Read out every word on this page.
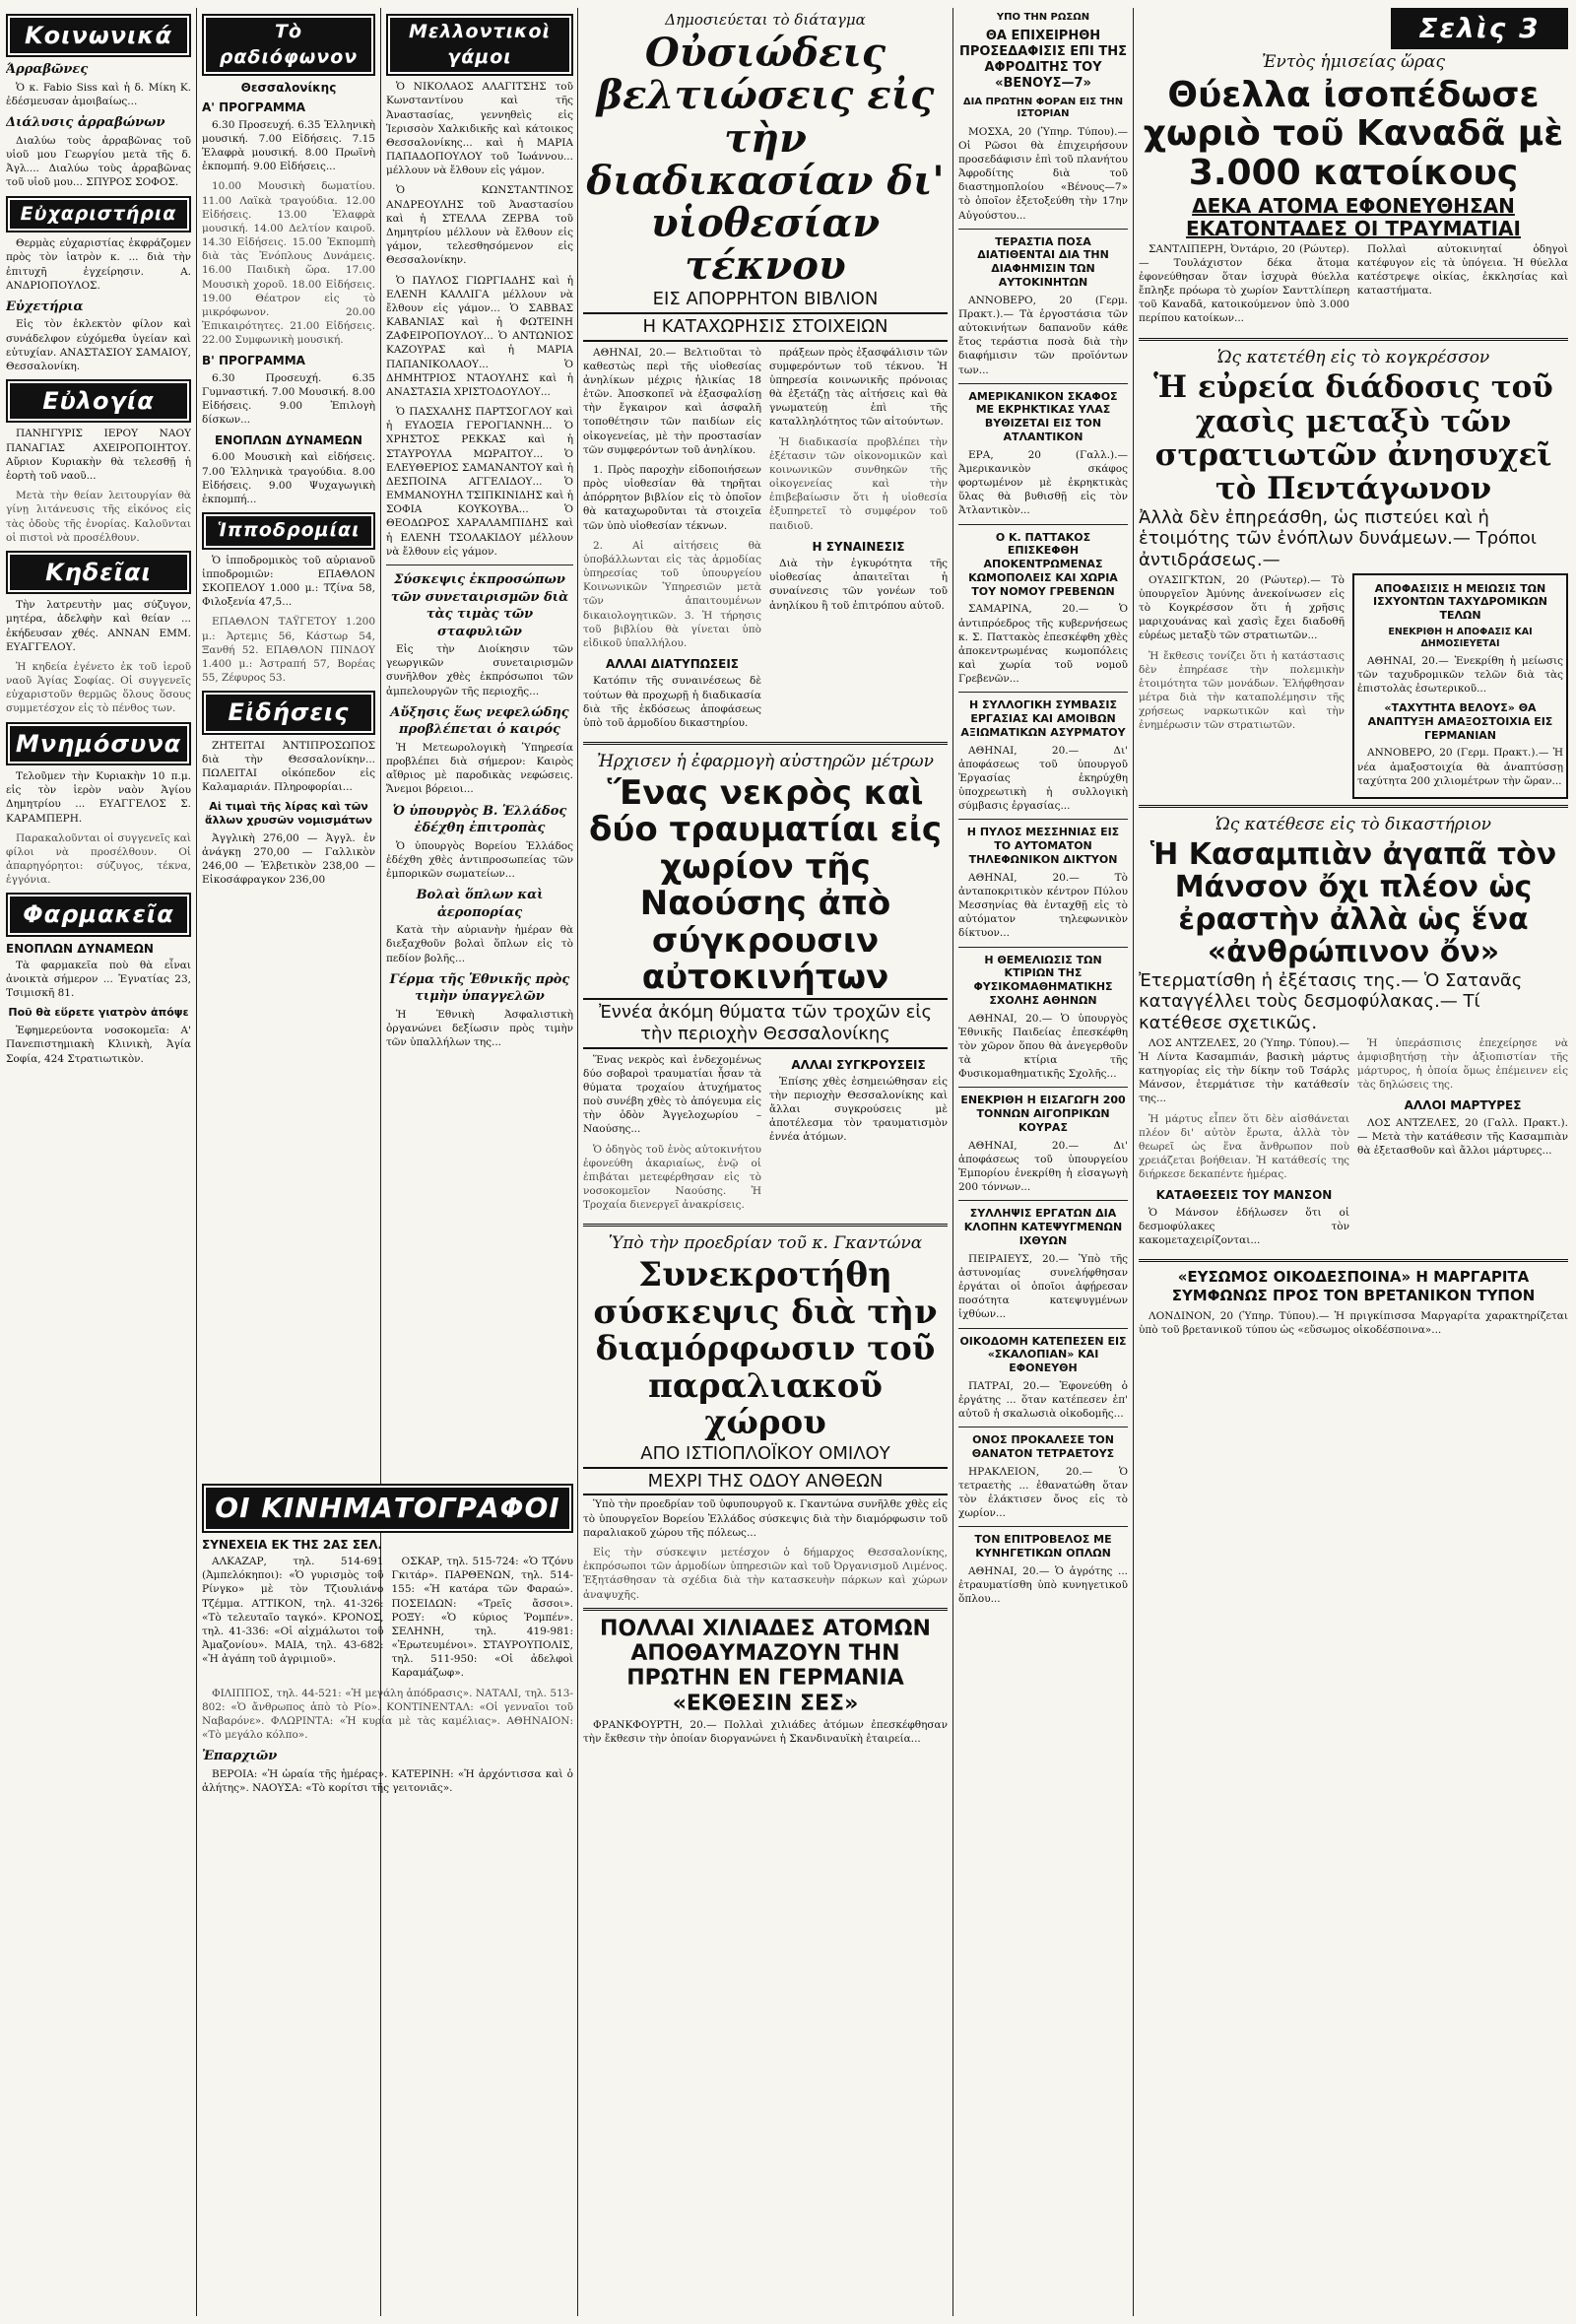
Κοινωνικά
Άρραβῶνες

Ὁ κ. Fabio Siss καὶ ἡ δ. Μίκη Κ. ἐδέσμευσαν ἀμοιβαίως...

Διάλυσις ἀρραβώνων

Διαλύω τοὺς ἀρραβῶνας τοῦ υἱοῦ μου Γεωργίου μετὰ τῆς δ. Ἀγλ.... Διαλύω τοὺς ἀρραβῶνας τοῦ υἱοῦ μου... ΣΠΥΡΟΣ ΣΟΦΟΣ.

Εὐχαριστήρια

Θερμὰς εὐχαριστίας ἐκφράζομεν πρὸς τὸν ἰατρὸν κ. ... διὰ τὴν ἐπιτυχῆ ἐγχείρησιν. Α. ΑΝΔΡΙΟΠΟΥΛΟΣ.

Εὐχετήρια

Εἰς τὸν ἐκλεκτὸν φίλον καὶ συνάδελφον εὐχόμεθα ὑγείαν καὶ εὐτυχίαν. ΑΝΑΣΤΑΣΙΟΥ ΣΑΜΑΙΟΥ, Θεσσαλονίκη.

Εὐλογία

ΠΑΝΗΓΥΡΙΣ ΙΕΡΟΥ ΝΑΟΥ ΠΑΝΑΓΙΑΣ ΑΧΕΙΡΟΠΟΙΗΤΟΥ. Αὔριον Κυριακὴν θὰ τελεσθῇ ἡ ἑορτὴ τοῦ ναοῦ...

Μετὰ τὴν θείαν λειτουργίαν θὰ γίνῃ λιτάνευσις τῆς εἰκόνος εἰς τὰς ὁδοὺς τῆς ἐνορίας. Καλοῦνται οἱ πιστοὶ νὰ προσέλθουν.

Κηδεῖαι

Τὴν λατρευτὴν μας σύζυγον, μητέρα, ἀδελφὴν καὶ θείαν ... ἐκήδευσαν χθές. ΑΝΝΑΝ ΕΜΜ. ΕΥΑΓΓΕΛΟΥ.

Ἡ κηδεία ἐγένετο ἐκ τοῦ ἱεροῦ ναοῦ Ἁγίας Σοφίας. Οἱ συγγενεῖς εὐχαριστοῦν θερμῶς ὅλους ὅσους συμμετέσχον εἰς τὸ πένθος των.

Μνημόσυνα

Τελοῦμεν τὴν Κυριακὴν 10 π.μ. εἰς τὸν ἱερὸν ναὸν Ἁγίου Δημητρίου ... ΕΥΑΓΓΕΛΟΣ Σ. ΚΑΡΑΜΠΕΡΗ.

Παρακαλοῦνται οἱ συγγενεῖς καὶ φίλοι νὰ προσέλθουν. Οἱ ἀπαρηγόρητοι: σύζυγος, τέκνα, ἐγγόνια.

Φαρμακεῖα
ΕΝΟΠΛΩΝ ΔΥΝΑΜΕΩΝ

Τὰ φαρμακεῖα ποὺ θὰ εἶναι ἀνοικτὰ σήμερον ... Ἐγνατίας 23, Τσιμισκῆ 81.

Ποῦ θὰ εὕρετε γιατρὸν ἀπόψε

Ἐφημερεύοντα νοσοκομεῖα: Α' Πανεπιστημιακὴ Κλινικὴ, Ἀγία Σοφία, 424 Στρατιωτικὸν.

Τὸ ραδιόφωνον
Θεσσαλονίκης
Α' ΠΡΟΓΡΑΜΜΑ

6.30 Προσευχή. 6.35 Ἑλληνικὴ μουσική. 7.00 Εἰδήσεις. 7.15 Ἐλαφρὰ μουσική. 8.00 Πρωϊνὴ ἐκπομπή. 9.00 Εἰδήσεις...

10.00 Μουσικὴ δωματίου. 11.00 Λαϊκὰ τραγούδια. 12.00 Εἰδήσεις. 13.00 Ἐλαφρὰ μουσική. 14.00 Δελτίον καιροῦ. 14.30 Εἰδήσεις. 15.00 Ἐκπομπὴ διὰ τὰς Ἐνόπλους Δυνάμεις. 16.00 Παιδικὴ ὥρα. 17.00 Μουσικὴ χοροῦ. 18.00 Εἰδήσεις. 19.00 Θέατρον εἰς τὸ μικρόφωνον. 20.00 Ἐπικαιρότητες. 21.00 Εἰδήσεις. 22.00 Συμφωνικὴ μουσική.

Β' ΠΡΟΓΡΑΜΜΑ

6.30 Προσευχή. 6.35 Γυμναστική. 7.00 Μουσική. 8.00 Εἰδήσεις. 9.00 Ἐπιλογὴ δίσκων...

ΕΝΟΠΛΩΝ ΔΥΝΑΜΕΩΝ

6.00 Μουσικὴ καὶ εἰδήσεις. 7.00 Ἑλληνικὰ τραγούδια. 8.00 Εἰδήσεις. 9.00 Ψυχαγωγικὴ ἐκπομπή...

Ἱπποδρομίαι

Ὁ ἱπποδρομικὸς τοῦ αὐριανοῦ ἱπποδρομιῶν: ΕΠΑΘΛΟΝ ΣΚΟΠΕΛΟΥ 1.000 μ.: Τζίνα 58, Φιλοξενία 47,5...

ΕΠΑΘΛΟΝ ΤΑΫΓΕΤΟΥ 1.200 μ.: Ἀρτεμις 56, Κάστωρ 54, Ξανθή 52. ΕΠΑΘΛΟΝ ΠΙΝΔΟΥ 1.400 μ.: Ἀστραπή 57, Βορέας 55, Ζέφυρος 53.

Εἰδήσεις

ΖΗΤΕΙΤΑΙ ἈΝΤΙΠΡΟΣΩΠΟΣ διὰ τὴν Θεσσαλονίκην... ΠΩΛΕΙΤΑΙ οἰκόπεδον εἰς Καλαμαριάν. Πληροφορίαι...

Αἱ τιμαὶ τῆς λίρας καὶ τῶν ἄλλων χρυσῶν νομισμάτων

Ἀγγλικὴ 276,00 — Ἀγγλ. ἐν ἀνάγκῃ 270,00 — Γαλλικὸν 246,00 — Ἑλβετικὸν 238,00 — Εἰκοσάφραγκον 236,00

Μελλοντικοὶ γάμοι

Ὁ ΝΙΚΟΛΑΟΣ ΑΛΑΓΙΤΣΗΣ τοῦ Κωνσταντίνου καὶ τῆς Ἀναστασίας, γεννηθεὶς εἰς Ἱερισσὸν Χαλκιδικῆς καὶ κάτοικος Θεσσαλονίκης... καὶ ἡ ΜΑΡΙΑ ΠΑΠΑΔΟΠΟΥΛΟΥ τοῦ Ἰωάννου... μέλλουν νὰ ἔλθουν εἰς γάμον.

Ὁ ΚΩΝΣΤΑΝΤΙΝΟΣ ΑΝΔΡΕΟΥΛΗΣ τοῦ Ἀναστασίου καὶ ἡ ΣΤΕΛΛΑ ΖΕΡΒΑ τοῦ Δημητρίου μέλλουν νὰ ἔλθουν εἰς γάμον, τελεσθησόμενον εἰς Θεσσαλονίκην.

Ὁ ΠΑΥΛΟΣ ΓΙΩΡΓΙΑΔΗΣ καὶ ἡ ΕΛΕΝΗ ΚΑΛΛΙΓΑ μέλλουν νὰ ἔλθουν εἰς γάμον... Ὁ ΣΑΒΒΑΣ ΚΑΒΑΝΙΑΣ καὶ ἡ ΦΩΤΕΙΝΗ ΖΑΦΕΙΡΟΠΟΥΛΟΥ... Ὁ ΑΝΤΩΝΙΟΣ ΚΑΖΟΥΡΑΣ καὶ ἡ ΜΑΡΙΑ ΠΑΠΑΝΙΚΟΛΑΟΥ... Ὁ ΔΗΜΗΤΡΙΟΣ ΝΤΑΟΥΛΗΣ καὶ ἡ ΑΝΑΣΤΑΣΙΑ ΧΡΙΣΤΟΔΟΥΛΟΥ...

Ὁ ΠΑΣΧΑΛΗΣ ΠΑΡΤΣΟΓΛΟΥ καὶ ἡ ΕΥΔΟΞΙΑ ΓΕΡΟΓΙΑΝΝΗ... Ὁ ΧΡΗΣΤΟΣ ΡΕΚΚΑΣ καὶ ἡ ΣΤΑΥΡΟΥΛΑ ΜΩΡΑΙΤΟΥ... Ὁ ΕΛΕΥΘΕΡΙΟΣ ΣΑΜΑΝΑΝΤΟΥ καὶ ἡ ΔΕΣΠΟΙΝΑ ΑΓΓΕΛΙΔΟΥ... Ὁ ΕΜΜΑΝΟΥΗΛ ΤΣΙΠΚΙΝΙΔΗΣ καὶ ἡ ΣΟΦΙΑ ΚΟΥΚΟΥΒΑ... Ὁ ΘΕΟΔΩΡΟΣ ΧΑΡΑΛΑΜΠΙΔΗΣ καὶ ἡ ΕΛΕΝΗ ΤΣΟΛΑΚΙΔΟΥ μέλλουν νὰ ἔλθουν εἰς γάμον.

Σύσκεψις ἐκπροσώπων τῶν συνεταιρισμῶν διὰ τὰς τιμὰς τῶν σταφυλιῶν

Εἰς τὴν Διοίκησιν τῶν γεωργικῶν συνεταιρισμῶν συνῆλθον χθὲς ἐκπρόσωποι τῶν ἀμπελουργῶν τῆς περιοχῆς...

Αὔξησις ἕως νεφελώδης προβλέπεται ὁ καιρός

Ἡ Μετεωρολογικὴ Ὑπηρεσία προβλέπει διὰ σήμερον: Καιρὸς αἴθριος μὲ παροδικὰς νεφώσεις. Ἄνεμοι βόρειοι...

Ὁ ὑπουργὸς Β. Ἑλλάδος ἐδέχθη ἐπιτροπὰς

Ὁ ὑπουργὸς Βορείου Ἑλλάδος ἐδέχθη χθὲς ἀντιπροσωπείας τῶν ἐμπορικῶν σωματείων...

Βολαὶ ὅπλων καὶ ἀεροπορίας

Κατὰ τὴν αὐριανὴν ἡμέραν θὰ διεξαχθοῦν βολαὶ ὅπλων εἰς τὸ πεδίον βολῆς...

Γέρμα τῆς Ἑθνικῆς πρὸς τιμὴν ὑπαγγελῶν

Ἡ Ἐθνικὴ Ἀσφαλιστικὴ ὀργανώνει δεξίωσιν πρὸς τιμὴν τῶν ὑπαλλήλων της...

ΟΙ ΚΙΝΗΜΑΤΟΓΡΑΦΟΙ
ΣΥΝΕΧΕΙΑ ΕΚ ΤΗΣ 2ΑΣ ΣΕΛ.

ΑΛΚΑΖΑΡ, τηλ. 514-691 (Ἀμπελόκηποι): «Ὁ γυρισμὸς τοῦ Ρίνγκο» μὲ τὸν Τζιουλιάνο Τζέμμα. ΑΤΤΙΚΟΝ, τηλ. 41-326: «Τὸ τελευταῖο ταγκό». ΚΡΟΝΟΣ, τηλ. 41-336: «Οἱ αἰχμάλωτοι τοῦ Ἀμαζονίου». ΜΑΙΑ, τηλ. 43-682: «Ἡ ἀγάπη τοῦ ἀγριμιοῦ».

ΟΣΚΑΡ, τηλ. 515-724: «Ὁ Τζόνυ Γκιτάρ». ΠΑΡΘΕΝΩΝ, τηλ. 514-155: «Ἡ κατάρα τῶν Φαραώ». ΠΟΣΕΙΔΩΝ: «Τρεῖς ἄσσοι». ΡΟΞΥ: «Ὁ κύριος Ῥομπέν». ΣΕΛΗΝΗ, τηλ. 419-981: «Ἐρωτευμένοι». ΣΤΑΥΡΟΥΠΟΛΙΣ, τηλ. 511-950: «Οἱ ἀδελφοὶ Καραμάζωφ».

ΦΙΛΙΠΠΟΣ, τηλ. 44-521: «Ἡ μεγάλη ἀπόδρασις». ΝΑΤΑΛΙ, τηλ. 513-802: «Ὁ ἄνθρωπος ἀπὸ τὸ Ρίο». ΚΟΝΤΙΝΕΝΤΑΛ: «Οἱ γενναῖοι τοῦ Ναβαρόνε». ΦΛΩΡΙΝΤΑ: «Ἡ κυρία μὲ τὰς καμέλιας». ΑΘΗΝΑΙΟΝ: «Τὸ μεγάλο κόλπο».

Ἐπαρχιῶν

ΒΕΡΟΙΑ: «Ἡ ὡραία τῆς ἡμέρας». ΚΑΤΕΡΙΝΗ: «Ἡ ἀρχόντισσα καὶ ὁ ἀλήτης». ΝΑΟΥΣΑ: «Τὸ κορίτσι τῆς γειτονιᾶς».

Δημοσιεύεται τὸ διάταγμα
Οὐσιώδεις βελτιώσεις εἰς τὴν διαδικασίαν δι' υἱοθεσίαν τέκνου
ΕΙΣ ΑΠΟΡΡΗΤΟΝ ΒΙΒΛΙΟΝ
Η ΚΑΤΑΧΩΡΗΣΙΣ ΣΤΟΙΧΕΙΩΝ

ΑΘΗΝΑΙ, 20.— Βελτιοῦται τὸ καθεστὼς περὶ τῆς υἱοθεσίας ἀνηλίκων μέχρις ἡλικίας 18 ἐτῶν. Ἀποσκοπεῖ νὰ ἐξασφαλίσῃ τὴν ἔγκαιρον καὶ ἀσφαλῆ τοποθέτησιν τῶν παιδίων εἰς οἰκογενείας, μὲ τὴν προστασίαν τῶν συμφερόντων τοῦ ἀνηλίκου.

1. Πρὸς παροχὴν εἰδοποιήσεων πρὸς υἱοθεσίαν θὰ τηρῆται ἀπόρρητον βιβλίον εἰς τὸ ὁποῖον θὰ καταχωροῦνται τὰ στοιχεῖα τῶν ὑπὸ υἱοθεσίαν τέκνων.

2. Αἱ αἰτήσεις θὰ ὑποβάλλωνται εἰς τὰς ἁρμοδίας ὑπηρεσίας τοῦ ὑπουργείου Κοινωνικῶν Ὑπηρεσιῶν μετὰ τῶν ἀπαιτουμένων δικαιολογητικῶν. 3. Ἡ τήρησις τοῦ βιβλίου θὰ γίνεται ὑπὸ εἰδικοῦ ὑπαλλήλου.

ΑΛΛΑΙ ΔΙΑΤΥΠΩΣΕΙΣ

Κατόπιν τῆς συναινέσεως δὲ τούτων θὰ προχωρῇ ἡ διαδικασία διὰ τῆς ἐκδόσεως ἀποφάσεως ὑπὸ τοῦ ἁρμοδίου δικαστηρίου.

πράξεων πρὸς ἐξασφάλισιν τῶν συμφερόντων τοῦ τέκνου. Ἡ ὑπηρεσία κοινωνικῆς πρόνοιας θὰ ἐξετάζῃ τὰς αἰτήσεις καὶ θὰ γνωματεύῃ ἐπὶ τῆς καταλληλότητος τῶν αἰτούντων.

Ἡ διαδικασία προβλέπει τὴν ἐξέτασιν τῶν οἰκονομικῶν καὶ κοινωνικῶν συνθηκῶν τῆς οἰκογενείας καὶ τὴν ἐπιβεβαίωσιν ὅτι ἡ υἱοθεσία ἐξυπηρετεῖ τὸ συμφέρον τοῦ παιδιοῦ.

Η ΣΥΝΑΙΝΕΣΙΣ

Διὰ τὴν ἐγκυρότητα τῆς υἱοθεσίας ἀπαιτεῖται ἡ συναίνεσις τῶν γονέων τοῦ ἀνηλίκου ἢ τοῦ ἐπιτρόπου αὐτοῦ.

Ἠρχισεν ἡ ἐφαρμογὴ αὐστηρῶν μέτρων
Ἕνας νεκρὸς καὶ δύο τραυματίαι εἰς χωρίον τῆς Ναούσης ἀπὸ σύγκρουσιν αὐτοκινήτων
Ἐννέα ἀκόμη θύματα τῶν τροχῶν εἰς τὴν περιοχὴν Θεσσαλονίκης

Ἕνας νεκρὸς καὶ ἐνδεχομένως δύο σοβαροὶ τραυματίαι ἦσαν τὰ θύματα τροχαίου ἀτυχήματος ποὺ συνέβη χθὲς τὸ ἀπόγευμα εἰς τὴν ὁδὸν Ἀγγελοχωρίου – Ναούσης...

Ὁ ὁδηγὸς τοῦ ἑνὸς αὐτοκινήτου ἐφονεύθη ἀκαριαίως, ἐνῷ οἱ ἐπιβάται μετεφέρθησαν εἰς τὸ νοσοκομεῖον Ναούσης. Ἡ Τροχαία διενεργεῖ ἀνακρίσεις.

ΑΛΛΑΙ ΣΥΓΚΡΟΥΣΕΙΣ

Ἐπίσης χθὲς ἐσημειώθησαν εἰς τὴν περιοχὴν Θεσσαλονίκης καὶ ἄλλαι συγκρούσεις μὲ ἀποτέλεσμα τὸν τραυματισμὸν ἐννέα ἀτόμων.

Ὑπὸ τὴν προεδρίαν τοῦ κ. Γκαντώνα
Συνεκροτήθη σύσκεψις διὰ τὴν διαμόρφωσιν τοῦ παραλιακοῦ χώρου
ΑΠΟ ΙΣΤΙΟΠΛΟΪΚΟΥ ΟΜΙΛΟΥ
ΜΕΧΡΙ ΤΗΣ ΟΔΟΥ ΑΝΘΕΩΝ

Ὑπὸ τὴν προεδρίαν τοῦ ὑφυπουργοῦ κ. Γκαντώνα συνῆλθε χθὲς εἰς τὸ ὑπουργεῖον Βορείου Ἑλλάδος σύσκεψις διὰ τὴν διαμόρφωσιν τοῦ παραλιακοῦ χώρου τῆς πόλεως...

Εἰς τὴν σύσκεψιν μετέσχον ὁ δήμαρχος Θεσσαλονίκης, ἐκπρόσωποι τῶν ἁρμοδίων ὑπηρεσιῶν καὶ τοῦ Ὀργανισμοῦ Λιμένος. Ἐξητάσθησαν τὰ σχέδια διὰ τὴν κατασκευὴν πάρκων καὶ χώρων ἀναψυχῆς.

ΠΟΛΛΑΙ ΧΙΛΙΑΔΕΣ ΑΤΟΜΩΝ ΑΠΟΘΑΥΜΑΖΟΥΝ ΤΗΝ ΠΡΩΤΗΝ ΕΝ ΓΕΡΜΑΝΙΑ «ΕΚΘΕΣΙΝ ΣΕΣ»

ΦΡΑΝΚΦΟΥΡΤΗ, 20.— Πολλαὶ χιλιάδες ἀτόμων ἐπεσκέφθησαν τὴν ἔκθεσιν τὴν ὁποίαν διοργανώνει ἡ Σκανδιναυϊκὴ ἑταιρεία...

ΥΠΟ ΤΗΝ ΡΩΣΩΝ
ΘΑ ΕΠΙΧΕΙΡΗΘΗ ΠΡΟΣΕΔΑΦΙΣΙΣ ΕΠΙ ΤΗΣ ΑΦΡΟΔΙΤΗΣ ΤΟΥ «ΒΕΝΟΥΣ—7»
ΔΙΑ ΠΡΩΤΗΝ ΦΟΡΑΝ ΕΙΣ ΤΗΝ ΙΣΤΟΡΙΑΝ

ΜΟΣΧΑ, 20 (Ὑπηρ. Τύπου).— Οἱ Ρῶσοι θὰ ἐπιχειρήσουν προσεδάφισιν ἐπὶ τοῦ πλανήτου Ἀφροδίτης διὰ τοῦ διαστημοπλοίου «Βένους—7» τὸ ὁποῖον ἐξετοξεύθη τὴν 17ην Αὐγούστου...

ΤΕΡΑΣΤΙΑ ΠΟΣΑ ΔΙΑΤΙΘΕΝΤΑΙ ΔΙΑ ΤΗΝ ΔΙΑΦΗΜΙΣΙΝ ΤΩΝ ΑΥΤΟΚΙΝΗΤΩΝ

ΑΝΝΟΒΕΡΟ, 20 (Γερμ. Πρακτ.).— Τὰ ἐργοστάσια τῶν αὐτοκινήτων δαπανοῦν κάθε ἔτος τεράστια ποσὰ διὰ τὴν διαφήμισιν τῶν προϊόντων των...

ΑΜΕΡΙΚΑΝΙΚΟΝ ΣΚΑΦΟΣ ΜΕ ΕΚΡΗΚΤΙΚΑΣ ΥΛΑΣ ΒΥΘΙΖΕΤΑΙ ΕΙΣ ΤΟΝ ΑΤΛΑΝΤΙΚΟΝ

ΕΡΑ, 20 (Γαλλ.).— Ἀμερικανικὸν σκάφος φορτωμένον μὲ ἐκρηκτικὰς ὕλας θὰ βυθισθῇ εἰς τὸν Ἀτλαντικὸν...

Ο Κ. ΠΑΤΤΑΚΟΣ ΕΠΙΣΚΕΦΘΗ ΑΠΟΚΕΝΤΡΩΜΕΝΑΣ ΚΩΜΟΠΟΛΕΙΣ ΚΑΙ ΧΩΡΙΑ ΤΟΥ ΝΟΜΟΥ ΓΡΕΒΕΝΩΝ

ΣΑΜΑΡΙΝΑ, 20.— Ὁ ἀντιπρόεδρος τῆς κυβερνήσεως κ. Σ. Παττακὸς ἐπεσκέφθη χθὲς ἀποκεντρωμένας κωμοπόλεις καὶ χωρία τοῦ νομοῦ Γρεβενῶν...

Η ΣΥΛΛΟΓΙΚΗ ΣΥΜΒΑΣΙΣ ΕΡΓΑΣΙΑΣ ΚΑΙ ΑΜΟΙΒΩΝ ΑΞΙΩΜΑΤΙΚΩΝ ΑΣΥΡΜΑΤΟΥ

ΑΘΗΝΑΙ, 20.— Δι' ἀποφάσεως τοῦ ὑπουργοῦ Ἐργασίας ἐκηρύχθη ὑποχρεωτικὴ ἡ συλλογικὴ σύμβασις ἐργασίας...

Η ΠΥΛΟΣ ΜΕΣΣΗΝΙΑΣ ΕΙΣ ΤΟ ΑΥΤΟΜΑΤΟΝ ΤΗΛΕΦΩΝΙΚΟΝ ΔΙΚΤΥΟΝ

ΑΘΗΝΑΙ, 20.— Τὸ ἀνταποκριτικὸν κέντρον Πύλου Μεσσηνίας θὰ ἐνταχθῇ εἰς τὸ αὐτόματον τηλεφωνικὸν δίκτυον...

Η ΘΕΜΕΛΙΩΣΙΣ ΤΩΝ ΚΤΙΡΙΩΝ ΤΗΣ ΦΥΣΙΚΟΜΑΘΗΜΑΤΙΚΗΣ ΣΧΟΛΗΣ ΑΘΗΝΩΝ

ΑΘΗΝΑΙ, 20.— Ὁ ὑπουργὸς Ἐθνικῆς Παιδείας ἐπεσκέφθη τὸν χῶρον ὅπου θὰ ἀνεγερθοῦν τὰ κτίρια τῆς Φυσικομαθηματικῆς Σχολῆς...

ΕΝΕΚΡΙΘΗ Η ΕΙΣΑΓΩΓΗ 200 ΤΟΝΝΩΝ ΑΙΓΟΠΡΙΚΩΝ ΚΟΥΡΑΣ

ΑΘΗΝΑΙ, 20.— Δι' ἀποφάσεως τοῦ ὑπουργείου Ἐμπορίου ἐνεκρίθη ἡ εἰσαγωγὴ 200 τόννων...

ΣΥΛΛΗΨΙΣ ΕΡΓΑΤΩΝ ΔΙΑ ΚΛΟΠΗΝ ΚΑΤΕΨΥΓΜΕΝΩΝ ΙΧΘΥΩΝ

ΠΕΙΡΑΙΕΥΣ, 20.— Ὑπὸ τῆς ἀστυνομίας συνελήφθησαν ἐργάται οἱ ὁποῖοι ἀφῄρεσαν ποσότητα κατεψυγμένων ἰχθύων...

ΟΙΚΟΔΟΜΗ ΚΑΤΕΠΕΣΕΝ ΕΙΣ «ΣΚΑΛΟΠΙΑΝ» ΚΑΙ ΕΦΟΝΕΥΘΗ

ΠΑΤΡΑΙ, 20.— Ἐφονεύθη ὁ ἐργάτης ... ὅταν κατέπεσεν ἐπ' αὐτοῦ ἡ σκαλωσιὰ οἰκοδομῆς...

ΟΝΟΣ ΠΡΟΚΑΛΕΣΕ ΤΟΝ ΘΑΝΑΤΟΝ ΤΕΤΡΑΕΤΟΥΣ

ΗΡΑΚΛΕΙΟΝ, 20.— Ὁ τετραετὴς ... ἐθανατώθη ὅταν τὸν ἐλάκτισεν ὄνος εἰς τὸ χωρίον...

ΤΟΝ ΕΠΙΤΡΟΒΕΛΟΣ ΜΕ ΚΥΝΗΓΕΤΙΚΩΝ ΟΠΛΩΝ

ΑΘΗΝΑΙ, 20.— Ὁ ἀγρότης ... ἐτραυματίσθη ὑπὸ κυνηγετικοῦ ὅπλου...

Σελὶς 3
Ἐντὸς ἡμισείας ὥρας
Θύελλα ἰσοπέδωσε χωριὸ τοῦ Καναδᾶ μὲ 3.000 κατοίκους
ΔΕΚΑ ΑΤΟΜΑ ΕΦΟΝΕΥΘΗΣΑΝ ΕΚΑΤΟΝΤΑΔΕΣ ΟΙ ΤΡΑΥΜΑΤΙΑΙ

ΣΑΝΤΛΙΠΕΡΗ, Ὀντάριο, 20 (Ρώυτερ).— Τουλάχιστον δέκα ἄτομα ἐφονεύθησαν ὅταν ἰσχυρὰ θύελλα ἔπληξε πρόωρα τὸ χωρίον Σανττλίπερη τοῦ Καναδᾶ, κατοικούμενον ὑπὸ 3.000 περίπου κατοίκων...

Πολλαὶ αὐτοκινηταί ὁδηγοὶ κατέφυγον εἰς τὰ ὑπόγεια. Ἡ θύελλα κατέστρεψε οἰκίας, ἐκκλησίας καὶ καταστήματα.

Ὡς κατετέθη εἰς τὸ κογκρέσσον
Ἡ εὐρεία διάδοσις τοῦ χασὶς μεταξὺ τῶν στρατιωτῶν ἀνησυχεῖ τὸ Πεντάγωνον
Ἀλλὰ δὲν ἐπηρεάσθη, ὡς πιστεύει καὶ ἡ ἑτοιμότης τῶν ἐνόπλων δυνάμεων.— Τρόποι ἀντιδράσεως.—

ΟΥΑΣΙΓΚΤΩΝ, 20 (Ρώυτερ).— Τὸ ὑπουργεῖον Ἀμύνης ἀνεκοίνωσεν εἰς τὸ Κογκρέσσον ὅτι ἡ χρῆσις μαριχουάνας καὶ χασὶς ἔχει διαδοθῆ εὐρέως μεταξὺ τῶν στρατιωτῶν...

Ἡ ἔκθεσις τονίζει ὅτι ἡ κατάστασις δὲν ἐπηρέασε τὴν πολεμικὴν ἑτοιμότητα τῶν μονάδων. Ἐλήφθησαν μέτρα διὰ τὴν καταπολέμησιν τῆς χρήσεως ναρκωτικῶν καὶ τὴν ἐνημέρωσιν τῶν στρατιωτῶν.

ΑΠΟΦΑΣΙΣΙΣ Η ΜΕΙΩΣΙΣ ΤΩΝ ΙΣΧΥΟΝΤΩΝ ΤΑΧΥΔΡΟΜΙΚΩΝ ΤΕΛΩΝ
ΕΝΕΚΡΙΘΗ Η ΑΠΟΦΑΣΙΣ ΚΑΙ ΔΗΜΟΣΙΕΥΕΤΑΙ

ΑΘΗΝΑΙ, 20.— Ἐνεκρίθη ἡ μείωσις τῶν ταχυδρομικῶν τελῶν διὰ τὰς ἐπιστολὰς ἐσωτερικοῦ...

«ΤΑΧΥΤΗΤΑ ΒΕΛΟΥΣ» ΘΑ ΑΝΑΠΤΥΞΗ ΑΜΑΞΟΣΤΟΙΧΙΑ ΕΙΣ ΓΕΡΜΑΝΙΑΝ

ΑΝΝΟΒΕΡΟ, 20 (Γερμ. Πρακτ.).— Ἡ νέα ἀμαξοστοιχία θὰ ἀναπτύσσῃ ταχύτητα 200 χιλιομέτρων τὴν ὥραν...

Ὡς κατέθεσε εἰς τὸ δικαστήριον
Ἡ Κασαμπιὰν ἀγαπᾶ τὸν Μάνσον ὄχι πλέον ὡς ἐραστὴν ἀλλὰ ὡς ἕνα «ἀνθρώπινον ὄν»
Ἐτερματίσθη ἡ ἐξέτασις της.— Ὁ Σατανᾶς καταγγέλλει τοὺς δεσμοφύλακας.— Τί κατέθεσε σχετικῶς.

ΛΟΣ ΑΝΤΖΕΛΕΣ, 20 (Ὑπηρ. Τύπου).— Ἡ Λίντα Κασαμπιάν, βασικὴ μάρτυς κατηγορίας εἰς τὴν δίκην τοῦ Τσάρλς Μάνσον, ἐτερμάτισε τὴν κατάθεσίν της...

Ἡ μάρτυς εἶπεν ὅτι δὲν αἰσθάνεται πλέον δι' αὐτὸν ἔρωτα, ἀλλὰ τὸν θεωρεῖ ὡς ἕνα ἄνθρωπον ποὺ χρειάζεται βοήθειαν. Ἡ κατάθεσίς της διήρκεσε δεκαπέντε ἡμέρας.

ΚΑΤΑΘΕΣΕΙΣ ΤΟΥ ΜΑΝΣΟΝ

Ὁ Μάνσον ἐδήλωσεν ὅτι οἱ δεσμοφύλακες τὸν κακομεταχειρίζονται...

Ἡ ὑπεράσπισις ἐπεχείρησε νὰ ἀμφισβητήσῃ τὴν ἀξιοπιστίαν τῆς μάρτυρος, ἡ ὁποία ὅμως ἐπέμεινεν εἰς τὰς δηλώσεις της.

ΑΛΛΟΙ ΜΑΡΤΥΡΕΣ

ΛΟΣ ΑΝΤΖΕΛΕΣ, 20 (Γαλλ. Πρακτ.).— Μετὰ τὴν κατάθεσιν τῆς Κασαμπιὰν θὰ ἐξετασθοῦν καὶ ἄλλοι μάρτυρες...

«ΕΥΣΩΜΟΣ ΟΙΚΟΔΕΣΠΟΙΝΑ» Η ΜΑΡΓΑΡΙΤΑ ΣΥΜΦΩΝΩΣ ΠΡΟΣ ΤΟΝ ΒΡΕΤΑΝΙΚΟΝ ΤΥΠΟΝ

ΛΟΝΔΙΝΟΝ, 20 (Ὑπηρ. Τύπου).— Ἡ πριγκίπισσα Μαργαρίτα χαρακτηρίζεται ὑπὸ τοῦ βρετανικοῦ τύπου ὡς «εὔσωμος οἰκοδέσποινα»...
